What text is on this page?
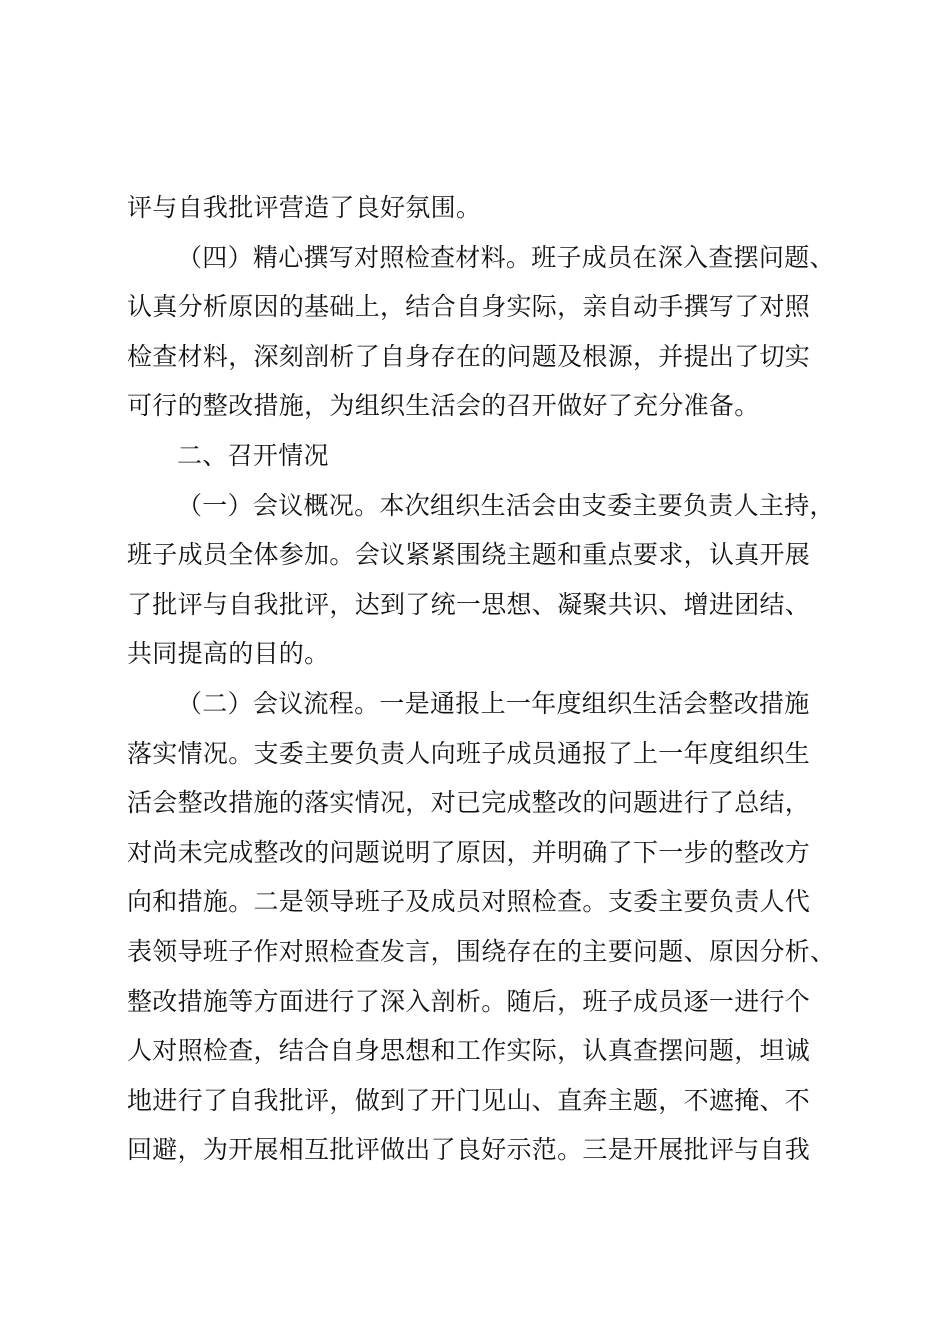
评与自我批评营造了良好氛围。
（四）精心撰写对照检查材料。班子成员在深入查摆问题、
认真分析原因的基础上，结合自身实际，亲自动手撰写了对照
检查材料，深刻剖析了自身存在的问题及根源，并提出了切实
可行的整改措施，为组织生活会的召开做好了充分准备。
二、召开情况
（一）会议概况。本次组织生活会由支委主要负责人主持，
班子成员全体参加。会议紧紧围绕主题和重点要求，认真开展
了批评与自我批评，达到了统一思想、凝聚共识、增进团结、
共同提高的目的。
（二）会议流程。一是通报上一年度组织生活会整改措施
落实情况。支委主要负责人向班子成员通报了上一年度组织生
活会整改措施的落实情况，对已完成整改的问题进行了总结，
对尚未完成整改的问题说明了原因，并明确了下一步的整改方
向和措施。二是领导班子及成员对照检查。支委主要负责人代
表领导班子作对照检查发言，围绕存在的主要问题、原因分析、
整改措施等方面进行了深入剖析。随后，班子成员逐一进行个
人对照检查，结合自身思想和工作实际，认真查摆问题，坦诚
地进行了自我批评，做到了开门见山、直奔主题，不遮掩、不
回避，为开展相互批评做出了良好示范。三是开展批评与自我
